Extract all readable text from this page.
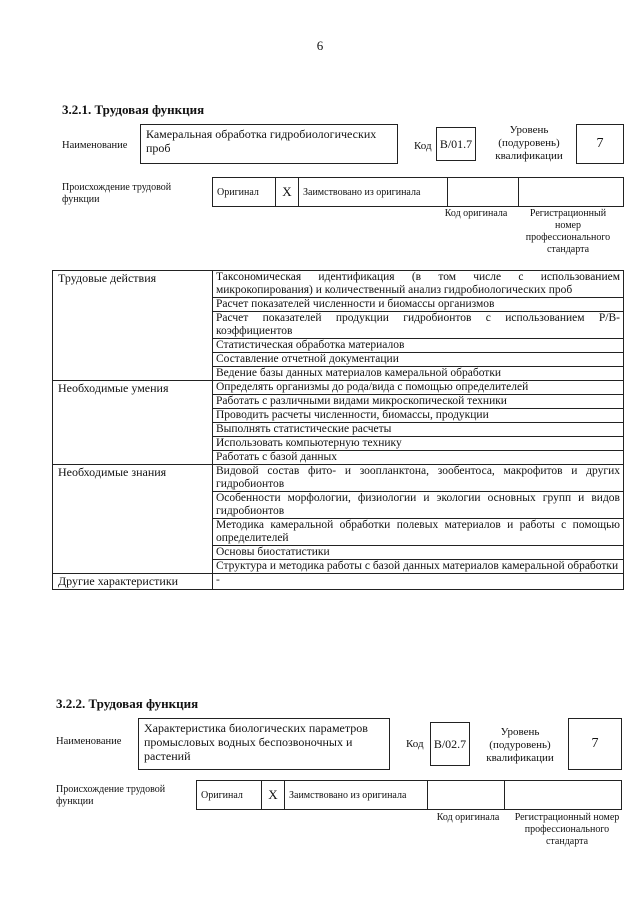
6
3.2.1. Трудовая функция
Наименование
Камеральная обработка гидробиологических проб	Код B/01.7
Уровень (подуровень) квалификации
7
Происхождение трудовой функции
Оригинал	X	Заимствовано из оригинала		
Код оригинала	Регистрационный номер профессионального стандарта
Трудовые действия	Таксономическая идентификация (в том числе с использованием микрокопирования) и количественный анализ гидробиологических проб
	Расчет показателей численности и биомассы организмов
	Расчет показателей продукции гидробионтов с использованием P/B-коэффициентов
	Статистическая обработка материалов
	Составление отчетной документации
	Ведение базы данных материалов камеральной обработки
Необходимые умения	Определять организмы до рода/вида с помощью определителей
	Работать с различными видами микроскопической техники
	Проводить расчеты численности, биомассы, продукции
	Выполнять статистические расчеты
	Использовать компьютерную технику
	Работать с базой данных
Необходимые знания	Видовой состав фито- и зоопланктона, зообентоса, макрофитов и других гидробионтов
	Особенности морфологии, физиологии и экологии основных групп и видов гидробионтов
	Методика камеральной обработки полевых материалов и работы с помощью определителей
	Основы биостатистики
	Структура и методика работы с базой данных материалов камеральной обработки
Другие характеристики	-
3.2.2. Трудовая функция
Наименование
Характеристика биологических параметров промысловых водных беспозвоночных и растений
Код B/02.7
Уровень (подуровень) квалификации
7
Происхождение трудовой функции
Оригинал	X	Заимствовано из оригинала		
Код оригинала	Регистрационный номер профессионального стандарта
